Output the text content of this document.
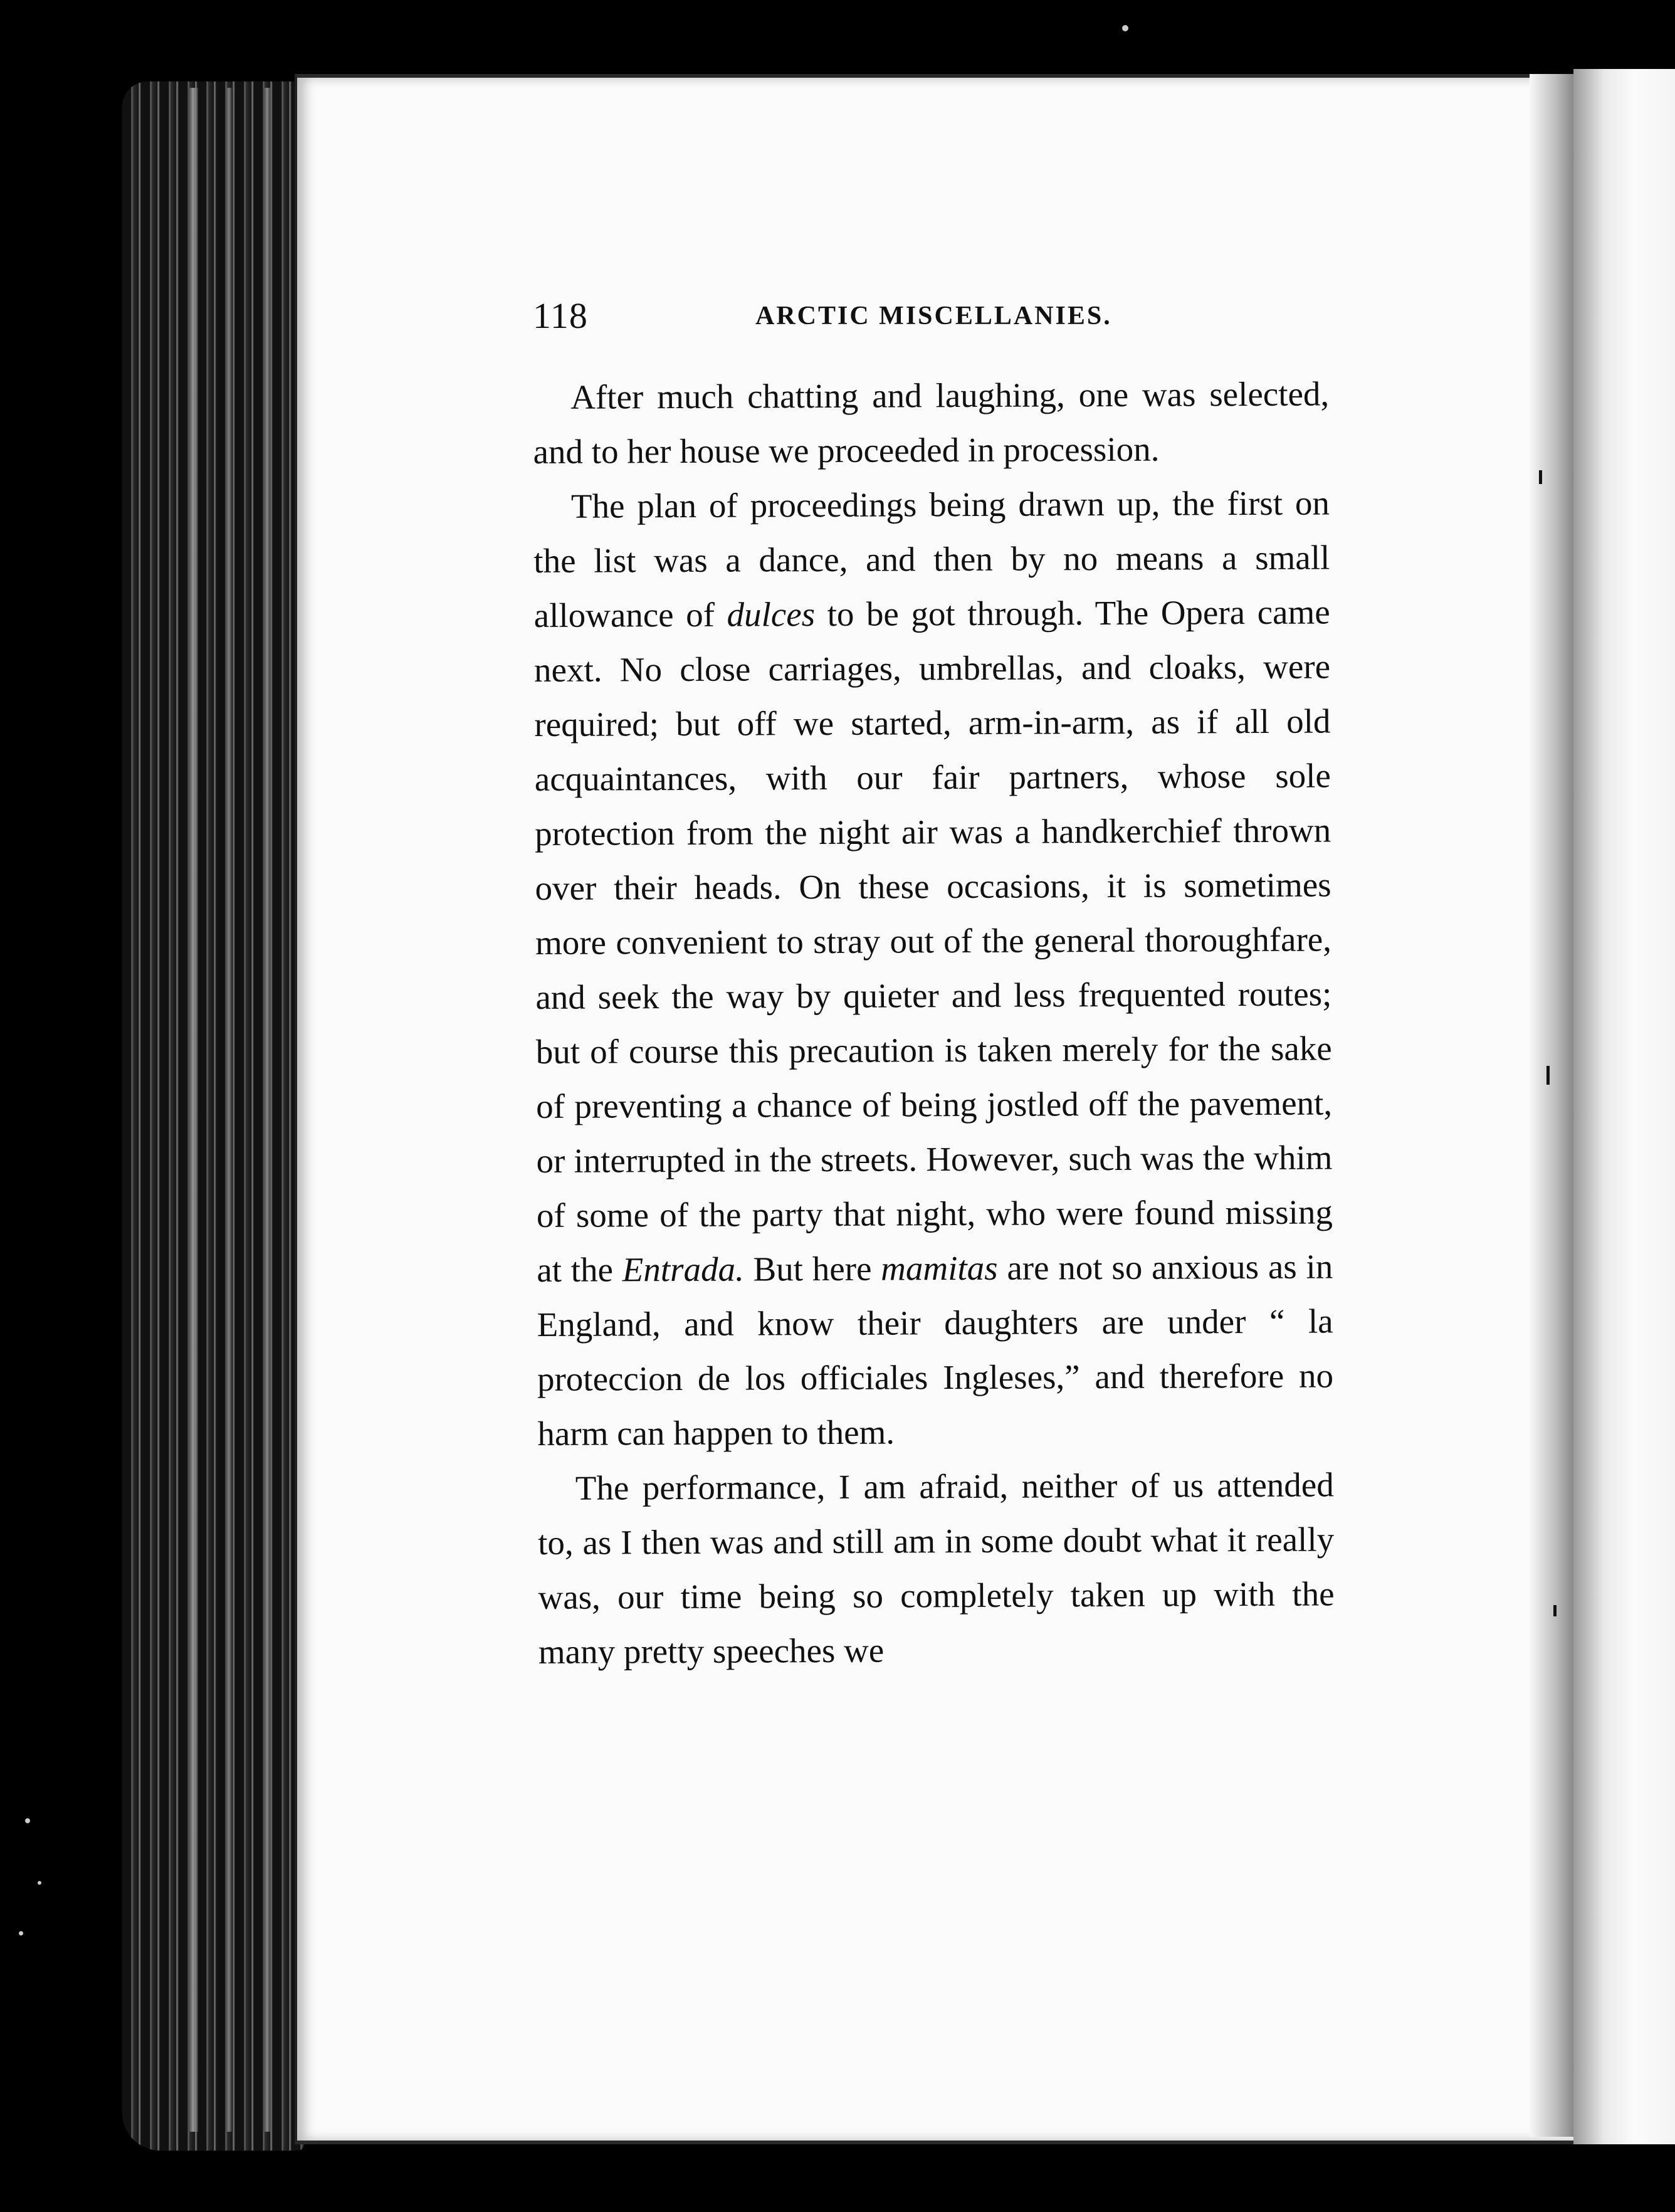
118	ARCTIC MISCELLANIES.

After much chatting and laughing, one was selected, and to her house we proceeded in procession.

The plan of proceedings being drawn up, the first on the list was a dance, and then by no means a small allowance of dulces to be got through. The Opera came next. No close carriages, umbrellas, and cloaks, were required; but off we started, arm-in-arm, as if all old acquaintances, with our fair partners, whose sole protection from the night air was a handkerchief thrown over their heads. On these occasions, it is sometimes more convenient to stray out of the general thoroughfare, and seek the way by quieter and less frequented routes; but of course this precaution is taken merely for the sake of preventing a chance of being jostled off the pavement, or interrupted in the streets. However, such was the whim of some of the party that night, who were found missing at the Entrada. But here mamitas are not so anxious as in England, and know their daughters are under “ la proteccion de los officiales Ingleses,” and therefore no harm can happen to them.

The performance, I am afraid, neither of us attended to, as I then was and still am in some doubt what it really was, our time being so completely taken up with the many pretty speeches we
